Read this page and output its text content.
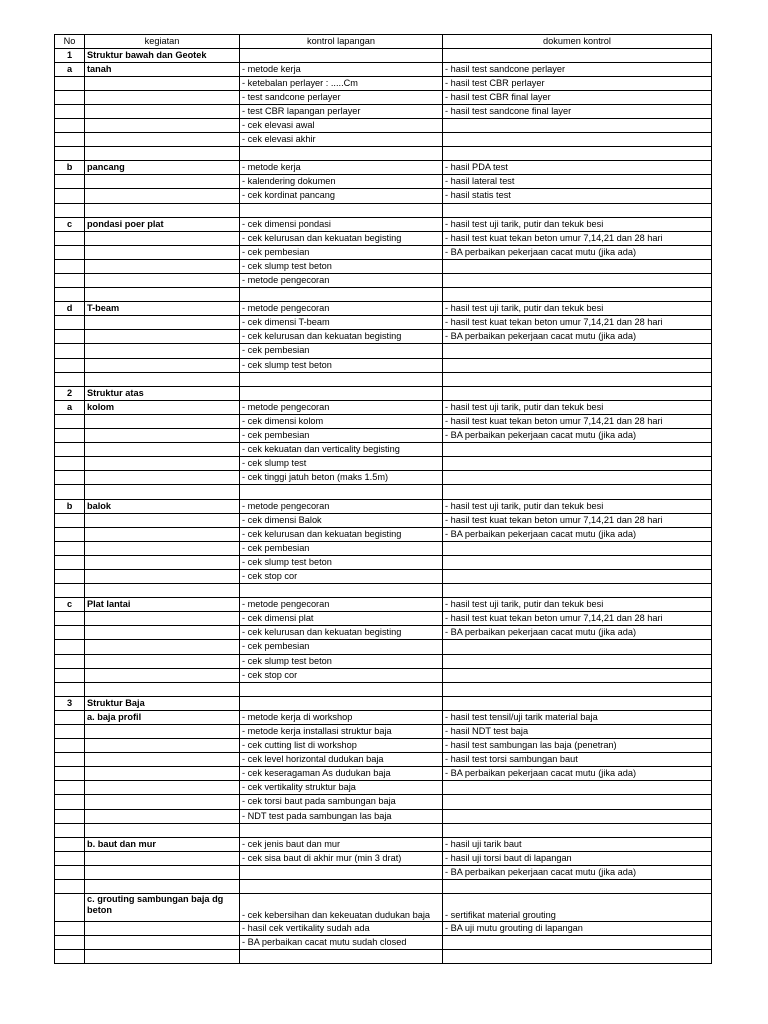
No	kegiatan	kontrol lapangan	dokumen kontrol
1	Struktur bawah dan Geotek		
a	tanah	- metode kerja	- hasil test sandcone perlayer
		- ketebalan perlayer : .....Cm	- hasil test CBR perlayer
		- test sandcone perlayer	- hasil test CBR final layer
		- test CBR lapangan perlayer	- hasil test sandcone final layer
		- cek elevasi awal	
		- cek elevasi akhir	

b	pancang	- metode kerja	- hasil PDA test
		- kalendering dokumen	- hasil lateral test
		- cek kordinat pancang	- hasil statis test

c	pondasi poer plat	- cek dimensi pondasi	- hasil test uji tarik, putir dan tekuk besi
		- cek kelurusan dan kekuatan begisting	- hasil test kuat tekan beton umur 7,14,21 dan 28 hari
		- cek pembesian	- BA perbaikan pekerjaan cacat mutu (jika ada)
		- cek slump test beton	
		- metode pengecoran	

d	T-beam	- metode pengecoran	- hasil test uji tarik, putir dan tekuk besi
		- cek dimensi T-beam	- hasil test kuat tekan beton umur 7,14,21 dan 28 hari
		- cek kelurusan dan kekuatan begisting	- BA perbaikan pekerjaan cacat mutu (jika ada)
		- cek pembesian	
		- cek slump test beton	

2	Struktur atas		
a	kolom	- metode pengecoran	- hasil test uji tarik, putir dan tekuk besi
		- cek dimensi kolom	- hasil test kuat tekan beton umur 7,14,21 dan 28 hari
		- cek pembesian	- BA perbaikan pekerjaan cacat mutu (jika ada)
		- cek kekuatan dan verticality begisting	
		- cek slump test	
		- cek tinggi jatuh beton (maks 1.5m)	

b	balok	- metode pengecoran	- hasil test uji tarik, putir dan tekuk besi
		- cek dimensi Balok	- hasil test kuat tekan beton umur 7,14,21 dan 28 hari
		- cek kelurusan dan kekuatan begisting	- BA perbaikan pekerjaan cacat mutu (jika ada)
		- cek pembesian	
		- cek slump test beton	
		- cek stop cor	

c	Plat lantai	- metode pengecoran	- hasil test uji tarik, putir dan tekuk besi
		- cek dimensi plat	- hasil test kuat tekan beton umur 7,14,21 dan 28 hari
		- cek kelurusan dan kekuatan begisting	- BA perbaikan pekerjaan cacat mutu (jika ada)
		- cek pembesian	
		- cek slump test beton	
		- cek stop cor	

3	Struktur Baja		
	a. baja profil	- metode kerja di workshop	- hasil test tensil/uji tarik material baja
		- metode kerja installasi struktur baja	- hasil NDT test baja
		- cek cutting list di workshop	- hasil test sambungan las baja (penetran)
		- cek level horizontal dudukan baja	- hasil test torsi sambungan baut
		- cek keseragaman As dudukan baja	- BA perbaikan pekerjaan cacat mutu (jika ada)
		- cek vertikality struktur baja	
		- cek torsi baut pada sambungan baja	
		- NDT test pada sambungan las baja	

	b. baut dan mur	- cek jenis baut dan mur	- hasil uji tarik baut
		- cek sisa baut di akhir mur (min 3 drat)	- hasil uji torsi baut di lapangan
			- BA perbaikan pekerjaan cacat mutu (jika ada)

	c. grouting sambungan baja dg beton	- cek kebersihan dan kekeuatan dudukan baja	- sertifikat material grouting
		- hasil cek vertikality sudah ada	- BA uji mutu grouting di lapangan
		- BA perbaikan cacat mutu sudah closed	
